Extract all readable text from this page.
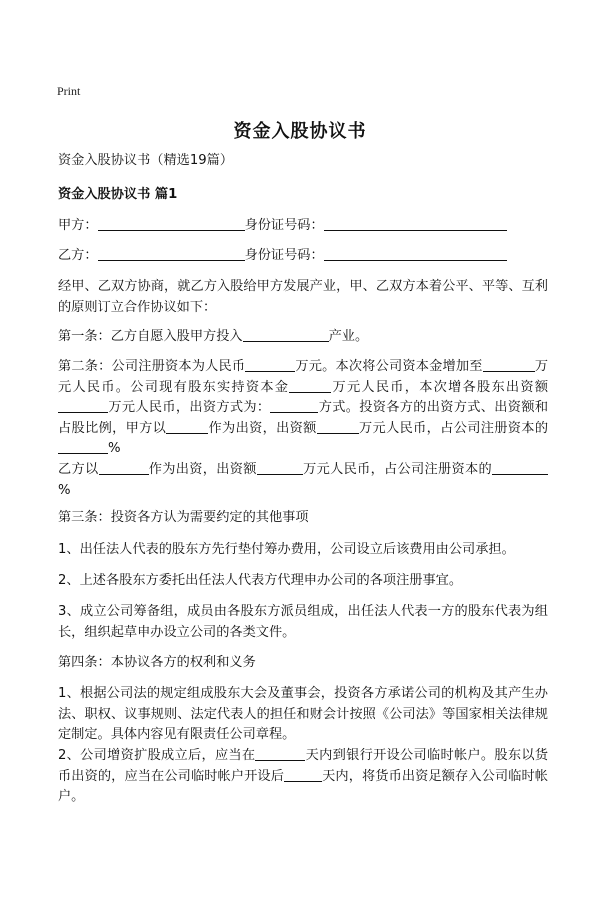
Print
资金入股协议书
资金入股协议书（精选19篇）
资金入股协议书 篇1
甲方：	身份证号码：
乙方：	身份证号码：
经甲、乙双方协商，就乙方入股给甲方发展产业，甲、乙双方本着公平、平等、互利的原则订立合作协议如下：
第一条：乙方自愿入股甲方投入	产业。
第二条：公司注册资本为人民币	万元。本次将公司资本金增加至	万元人民币。公司现有股东实持资本金	万元人民币，本次增各股东出资额万元人民币，出资方式为：	方式。投资各方的出资方式、出资额和占股比例，甲方以	作为出资，出资额	万元人民币，占公司注册资本的%
乙方以	作为出资，出资额	万元人民币，占公司注册资本的%
第三条：投资各方认为需要约定的其他事项
1、出任法人代表的股东方先行垫付筹办费用，公司设立后该费用由公司承担。
2、上述各股东方委托出任法人代表方代理申办公司的各项注册事宜。
3、成立公司筹备组，成员由各股东方派员组成，出任法人代表一方的股东代表为组长，组织起草申办设立公司的各类文件。
第四条：本协议各方的权利和义务
1、根据公司法的规定组成股东大会及董事会，投资各方承诺公司的机构及其产生办法、职权、议事规则、法定代表人的担任和财会计按照《公司法》等国家相关法律规定制定。具体内容见有限责任公司章程。
2、公司增资扩股成立后，应当在	天内到银行开设公司临时帐户。股东以货币出资的，应当在公司临时帐户开设后	天内，将货币出资足额存入公司临时帐户。
